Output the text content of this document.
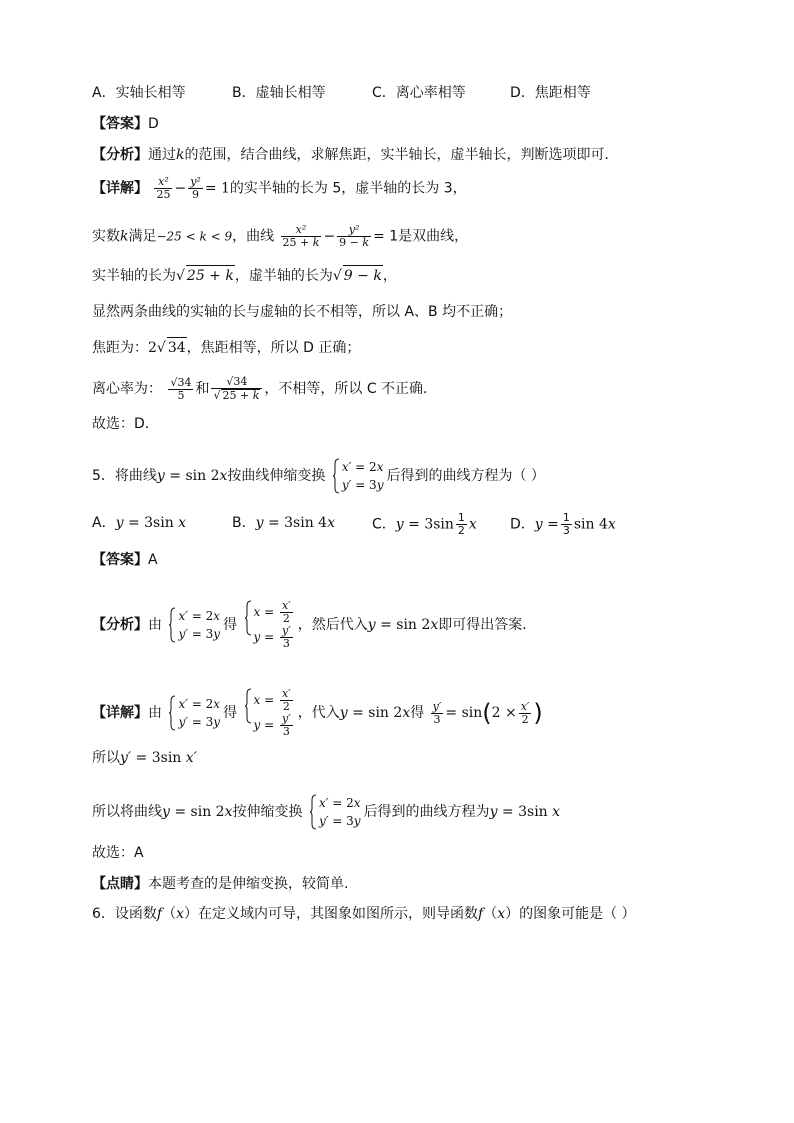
A．实轴长相等	B．虚轴长相等	C．离心率相等	D．焦距相等
【答案】D
【分析】通过k的范围，结合曲线，求解焦距，实半轴长，虚半轴长，判断选项即可．
【详解】 $\frac{\text{x²}}{25} - \frac{\text{y²}}{9} = 1$的实半轴的长为 5，虚半轴的长为 3，
实数k满足−25 < k < 9，曲线 $\frac{\text{x²}}{25 + k} - \frac{\text{y²}}{9 - k} = 1$是双曲线，
实半轴的长为√ 25 + k，虚半轴的长为√ 9 − k，
显然两条曲线的实轴的长与虚轴的长不相等，所以 A、B 均不正确；
焦距为：2√ 34，焦距相等，所以 D 正确；
离心率为： $\frac{√34}{5}$ 和 $\frac{√34}{√ 25 + k}$ ，不相等，所以 C 不正确．
故选：D．
5．将曲线y = sin 2x按曲线伸缩变换
x′ = 2x
y′ = 3y
后得到的曲线方程为（ ）
A．y = 3sin x	B．y = 3sin 4x	C．$y = 3\sin \frac{1}{2}$ x D．$y = \frac{1}{3}$ sin 4x
【答案】A
【分析】由
x′ = 2x
y′ = 3y
得
$x = \frac{x'}{2}$
$y = \frac{y'}{3}$ ，然后代入y = sin 2x即可得出答案.
【详解】由
x′ = 2x
y′ = 3y
得
$x = \frac{x'}{2}$
$y = \frac{y'}{3}$ ，代入y = sin 2x得 $\frac{y'}{3} = \sin(2 \times \frac{x'}{2}$ )
所以y′ = 3sin x′
所以将曲线y = sin 2x按伸缩变换
x′ = 2x
y′ = 3y
后得到的曲线方程为y = 3sin x
故选：A
【点睛】本题考查的是伸缩变换，较简单.
6．设函数f（x）在定义域内可导，其图象如图所示，则导函数f（x）的图象可能是（ ）
